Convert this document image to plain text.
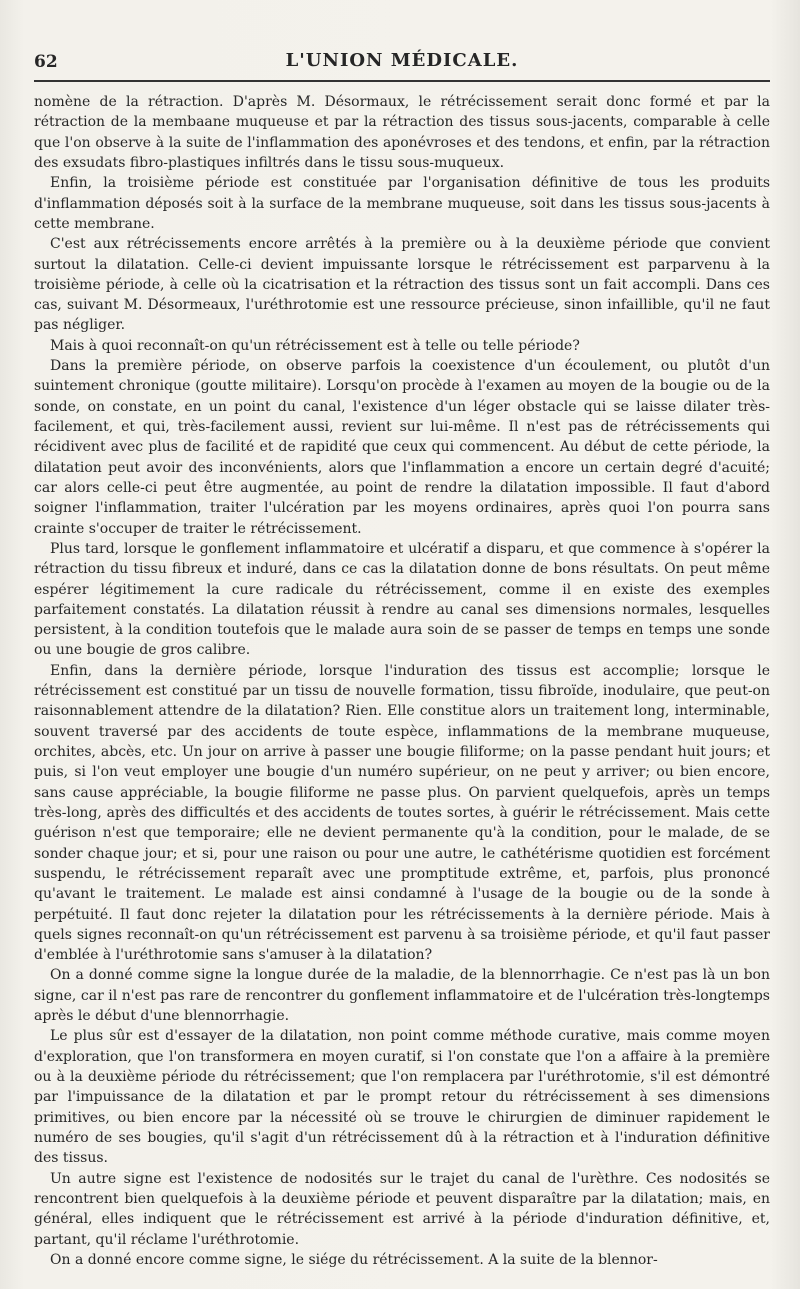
62	L'UNION MÉDICALE.

nomène de la rétraction. D'après M. Désormaux, le rétrécissement serait donc formé et par la rétraction de la membaane muqueuse et par la rétraction des tissus sous-jacents, comparable à celle que l'on observe à la suite de l'inflammation des aponévroses et des tendons, et enfin, par la rétraction des exsudats fibro-plastiques infiltrés dans le tissu sous-muqueux.

Enfin, la troisième période est constituée par l'organisation définitive de tous les produits d'inflammation déposés soit à la surface de la membrane muqueuse, soit dans les tissus sous-jacents à cette membrane.

C'est aux rétrécissements encore arrêtés à la première ou à la deuxième période que convient surtout la dilatation. Celle-ci devient impuissante lorsque le rétrécissement est parparvenu à la troisième période, à celle où la cicatrisation et la rétraction des tissus sont un fait accompli. Dans ces cas, suivant M. Désormeaux, l'uréthrotomie est une ressource précieuse, sinon infaillible, qu'il ne faut pas négliger.

Mais à quoi reconnaît-on qu'un rétrécissement est à telle ou telle période?

Dans la première période, on observe parfois la coexistence d'un écoulement, ou plutôt d'un suintement chronique (goutte militaire). Lorsqu'on procède à l'examen au moyen de la bougie ou de la sonde, on constate, en un point du canal, l'existence d'un léger obstacle qui se laisse dilater très-facilement, et qui, très-facilement aussi, revient sur lui-même. Il n'est pas de rétrécissements qui récidivent avec plus de facilité et de rapidité que ceux qui commencent. Au début de cette période, la dilatation peut avoir des inconvénients, alors que l'inflammation a encore un certain degré d'acuité; car alors celle-ci peut être augmentée, au point de rendre la dilatation impossible. Il faut d'abord soigner l'inflammation, traiter l'ulcération par les moyens ordinaires, après quoi l'on pourra sans crainte s'occuper de traiter le rétrécissement.

Plus tard, lorsque le gonflement inflammatoire et ulcératif a disparu, et que commence à s'opérer la rétraction du tissu fibreux et induré, dans ce cas la dilatation donne de bons résultats. On peut même espérer légitimement la cure radicale du rétrécissement, comme il en existe des exemples parfaitement constatés. La dilatation réussit à rendre au canal ses dimensions normales, lesquelles persistent, à la condition toutefois que le malade aura soin de se passer de temps en temps une sonde ou une bougie de gros calibre.

Enfin, dans la dernière période, lorsque l'induration des tissus est accomplie; lorsque le rétrécissement est constitué par un tissu de nouvelle formation, tissu fibroïde, inodulaire, que peut-on raisonnablement attendre de la dilatation? Rien. Elle constitue alors un traitement long, interminable, souvent traversé par des accidents de toute espèce, inflammations de la membrane muqueuse, orchites, abcès, etc. Un jour on arrive à passer une bougie filiforme; on la passe pendant huit jours; et puis, si l'on veut employer une bougie d'un numéro supérieur, on ne peut y arriver; ou bien encore, sans cause appréciable, la bougie filiforme ne passe plus. On parvient quelquefois, après un temps très-long, après des difficultés et des accidents de toutes sortes, à guérir le rétrécissement. Mais cette guérison n'est que temporaire; elle ne devient permanente qu'à la condition, pour le malade, de se sonder chaque jour; et si, pour une raison ou pour une autre, le cathétérisme quotidien est forcément suspendu, le rétrécissement reparaît avec une promptitude extrême, et, parfois, plus prononcé qu'avant le traitement. Le malade est ainsi condamné à l'usage de la bougie ou de la sonde à perpétuité. Il faut donc rejeter la dilatation pour les rétrécissements à la dernière période. Mais à quels signes reconnaît-on qu'un rétrécissement est parvenu à sa troisième période, et qu'il faut passer d'emblée à l'uréthrotomie sans s'amuser à la dilatation?

On a donné comme signe la longue durée de la maladie, de la blennorrhagie. Ce n'est pas là un bon signe, car il n'est pas rare de rencontrer du gonflement inflammatoire et de l'ulcération très-longtemps après le début d'une blennorrhagie.

Le plus sûr est d'essayer de la dilatation, non point comme méthode curative, mais comme moyen d'exploration, que l'on transformera en moyen curatif, si l'on constate que l'on a affaire à la première ou à la deuxième période du rétrécissement; que l'on remplacera par l'uréthrotomie, s'il est démontré par l'impuissance de la dilatation et par le prompt retour du rétrécissement à ses dimensions primitives, ou bien encore par la nécessité où se trouve le chirurgien de diminuer rapidement le numéro de ses bougies, qu'il s'agit d'un rétrécissement dû à la rétraction et à l'induration définitive des tissus.

Un autre signe est l'existence de nodosités sur le trajet du canal de l'urèthre. Ces nodosités se rencontrent bien quelquefois à la deuxième période et peuvent disparaître par la dilatation; mais, en général, elles indiquent que le rétrécissement est arrivé à la période d'induration définitive, et, partant, qu'il réclame l'uréthrotomie.

On a donné encore comme signe, le siége du rétrécissement. A la suite de la blennor-
